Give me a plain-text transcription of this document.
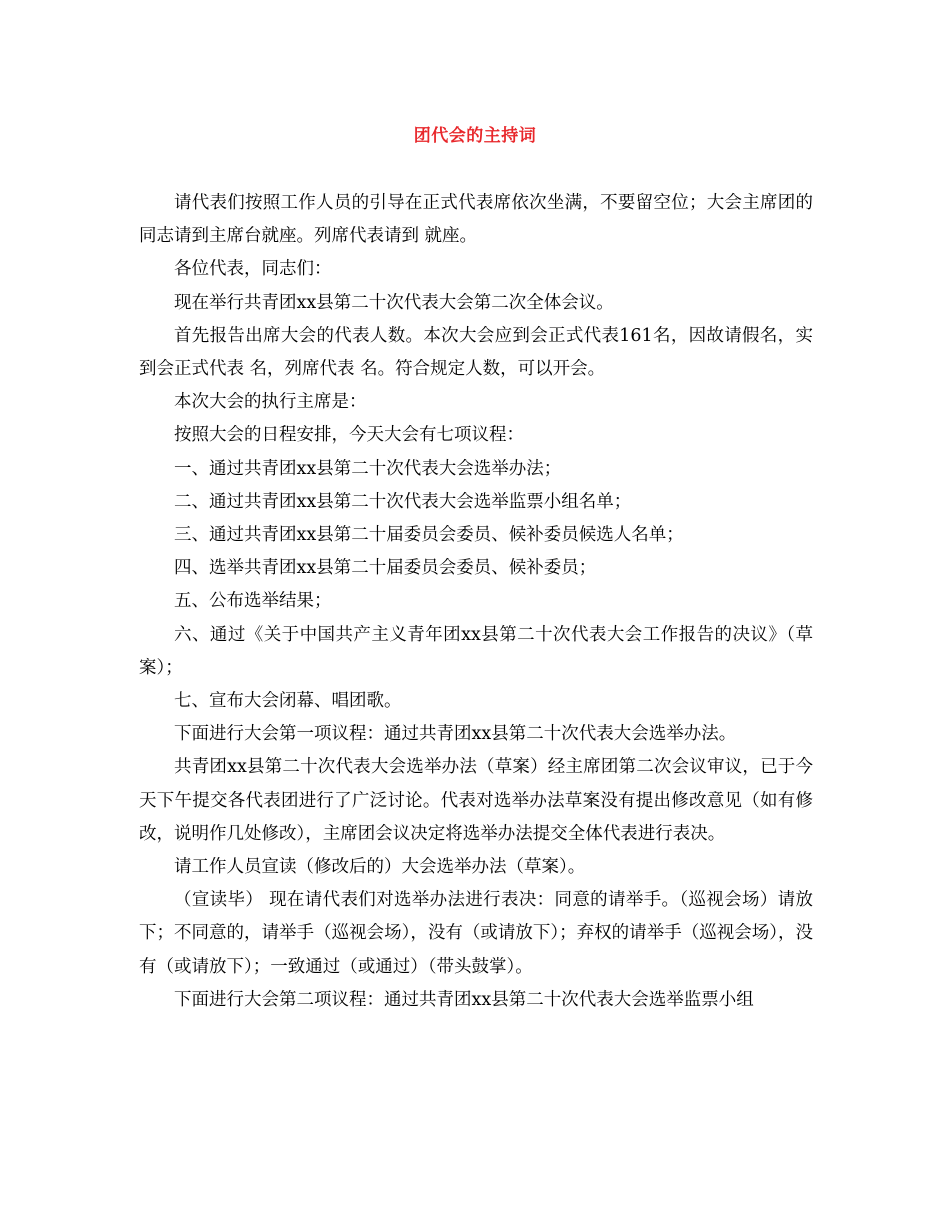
团代会的主持词

请代表们按照工作人员的引导在正式代表席依次坐满，不要留空位；大会主席团的同志请到主席台就座。列席代表请到 就座。

各位代表，同志们：

现在举行共青团xx县第二十次代表大会第二次全体会议。

首先报告出席大会的代表人数。本次大会应到会正式代表161名，因故请假名，实到会正式代表 名，列席代表 名。符合规定人数，可以开会。

本次大会的执行主席是：

按照大会的日程安排，今天大会有七项议程：

一、通过共青团xx县第二十次代表大会选举办法；

二、通过共青团xx县第二十次代表大会选举监票小组名单；

三、通过共青团xx县第二十届委员会委员、候补委员候选人名单；

四、选举共青团xx县第二十届委员会委员、候补委员；

五、公布选举结果；

六、通过《关于中国共产主义青年团xx县第二十次代表大会工作报告的决议》（草案）；

七、宣布大会闭幕、唱团歌。

下面进行大会第一项议程：通过共青团xx县第二十次代表大会选举办法。

共青团xx县第二十次代表大会选举办法（草案）经主席团第二次会议审议，已于今天下午提交各代表团进行了广泛讨论。代表对选举办法草案没有提出修改意见（如有修改，说明作几处修改），主席团会议决定将选举办法提交全体代表进行表决。

请工作人员宣读（修改后的）大会选举办法（草案）。

（宣读毕） 现在请代表们对选举办法进行表决：同意的请举手。（巡视会场）请放下；不同意的，请举手（巡视会场），没有（或请放下）；弃权的请举手（巡视会场），没有（或请放下）；一致通过（或通过）（带头鼓掌）。

下面进行大会第二项议程：通过共青团xx县第二十次代表大会选举监票小组
